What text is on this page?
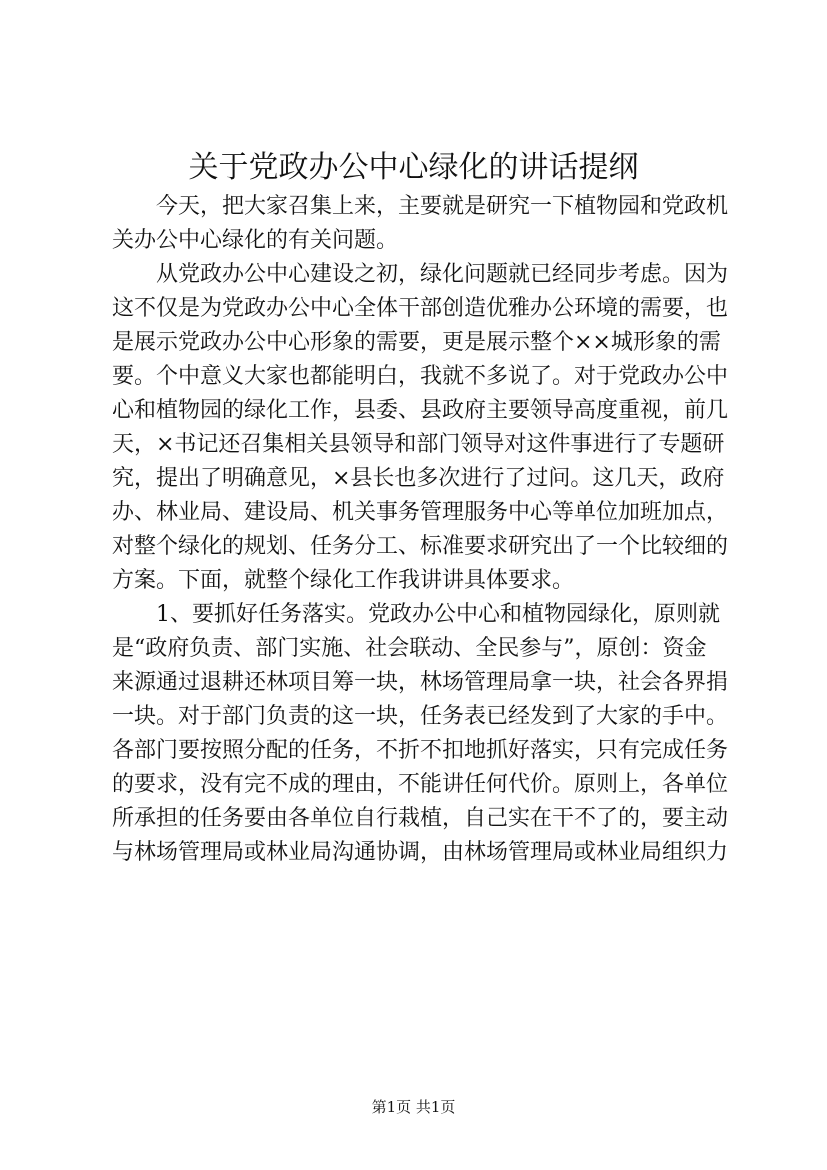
关于党政办公中心绿化的讲话提纲

今天，把大家召集上来，主要就是研究一下植物园和党政机
关办公中心绿化的有关问题。

从党政办公中心建设之初，绿化问题就已经同步考虑。因为
这不仅是为党政办公中心全体干部创造优雅办公环境的需要，也
是展示党政办公中心形象的需要，更是展示整个××城形象的需
要。个中意义大家也都能明白，我就不多说了。对于党政办公中
心和植物园的绿化工作，县委、县政府主要领导高度重视，前几
天，×书记还召集相关县领导和部门领导对这件事进行了专题研
究，提出了明确意见，×县长也多次进行了过问。这几天，政府
办、林业局、建设局、机关事务管理服务中心等单位加班加点，
对整个绿化的规划、任务分工、标准要求研究出了一个比较细的
方案。下面，就整个绿化工作我讲讲具体要求。

1、要抓好任务落实。党政办公中心和植物园绿化，原则就
是“政府负责、部门实施、社会联动、全民参与”，原创：资金
来源通过退耕还林项目筹一块，林场管理局拿一块，社会各界捐
一块。对于部门负责的这一块，任务表已经发到了大家的手中。
各部门要按照分配的任务，不折不扣地抓好落实，只有完成任务
的要求，没有完不成的理由，不能讲任何代价。原则上，各单位
所承担的任务要由各单位自行栽植，自己实在干不了的，要主动
与林场管理局或林业局沟通协调，由林场管理局或林业局组织力

第1页 共1页
